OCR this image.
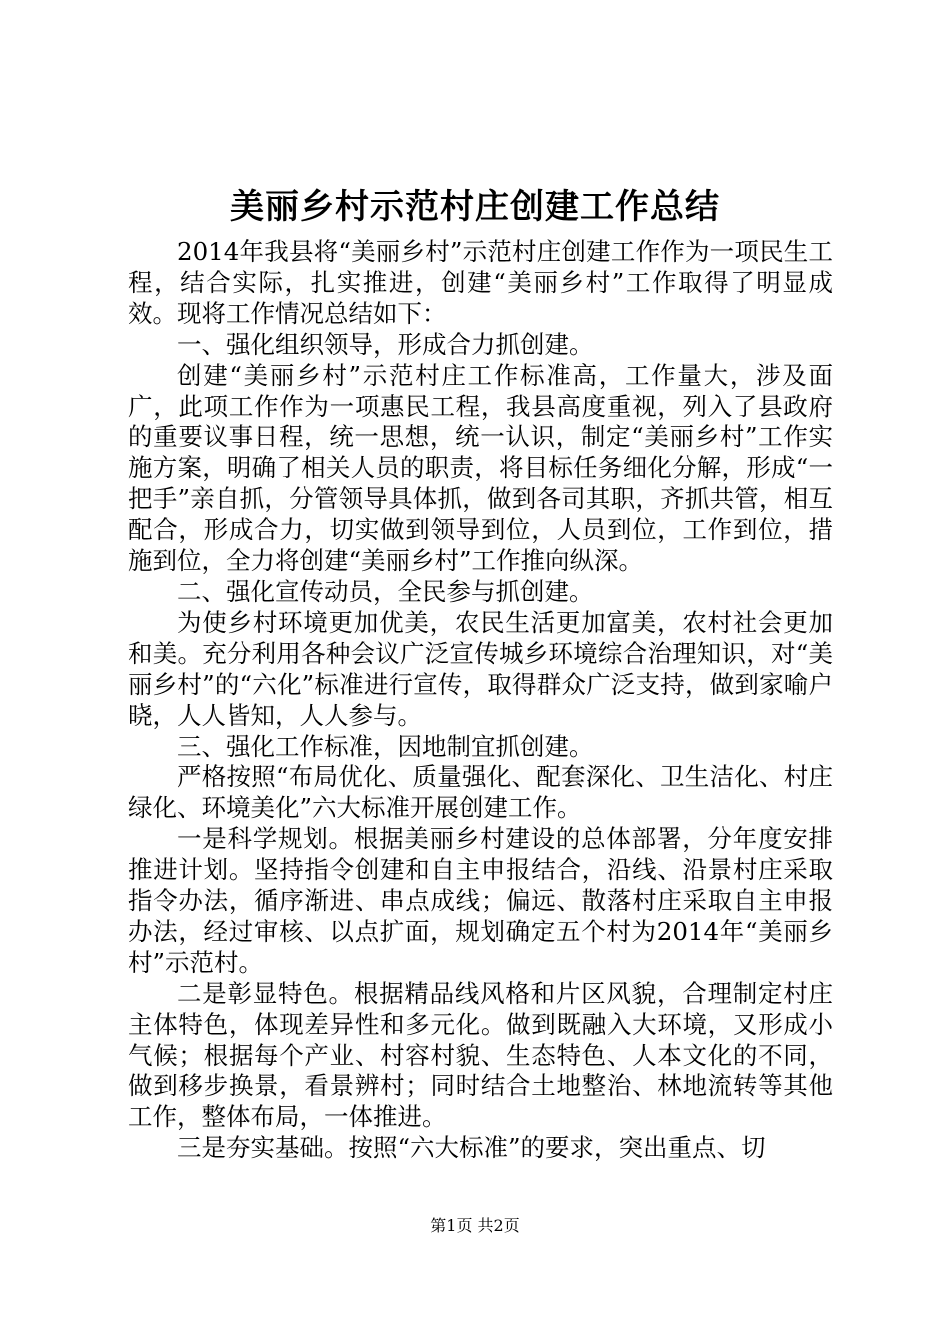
美丽乡村示范村庄创建工作总结

2014年我县将“美丽乡村”示范村庄创建工作作为一项民生工程，结合实际，扎实推进，创建“美丽乡村”工作取得了明显成效。现将工作情况总结如下：

一、强化组织领导，形成合力抓创建。

创建“美丽乡村”示范村庄工作标准高，工作量大，涉及面广，此项工作作为一项惠民工程，我县高度重视，列入了县政府的重要议事日程，统一思想，统一认识，制定“美丽乡村”工作实施方案，明确了相关人员的职责，将目标任务细化分解，形成“一把手”亲自抓，分管领导具体抓，做到各司其职，齐抓共管，相互配合，形成合力，切实做到领导到位，人员到位，工作到位，措施到位，全力将创建“美丽乡村”工作推向纵深。

二、强化宣传动员，全民参与抓创建。

为使乡村环境更加优美，农民生活更加富美，农村社会更加和美。充分利用各种会议广泛宣传城乡环境综合治理知识，对“美丽乡村”的“六化”标准进行宣传，取得群众广泛支持，做到家喻户晓，人人皆知，人人参与。

三、强化工作标准，因地制宜抓创建。

严格按照“布局优化、质量强化、配套深化、卫生洁化、村庄绿化、环境美化”六大标准开展创建工作。

一是科学规划。根据美丽乡村建设的总体部署，分年度安排推进计划。坚持指令创建和自主申报结合，沿线、沿景村庄采取指令办法，循序渐进、串点成线；偏远、散落村庄采取自主申报办法，经过审核、以点扩面，规划确定五个村为2014年“美丽乡村”示范村。

二是彰显特色。根据精品线风格和片区风貌，合理制定村庄主体特色，体现差异性和多元化。做到既融入大环境，又形成小气候；根据每个产业、村容村貌、生态特色、人本文化的不同，做到移步换景，看景辨村；同时结合土地整治、林地流转等其他工作，整体布局，一体推进。

三是夯实基础。按照“六大标准”的要求，突出重点、切

第1页 共2页
